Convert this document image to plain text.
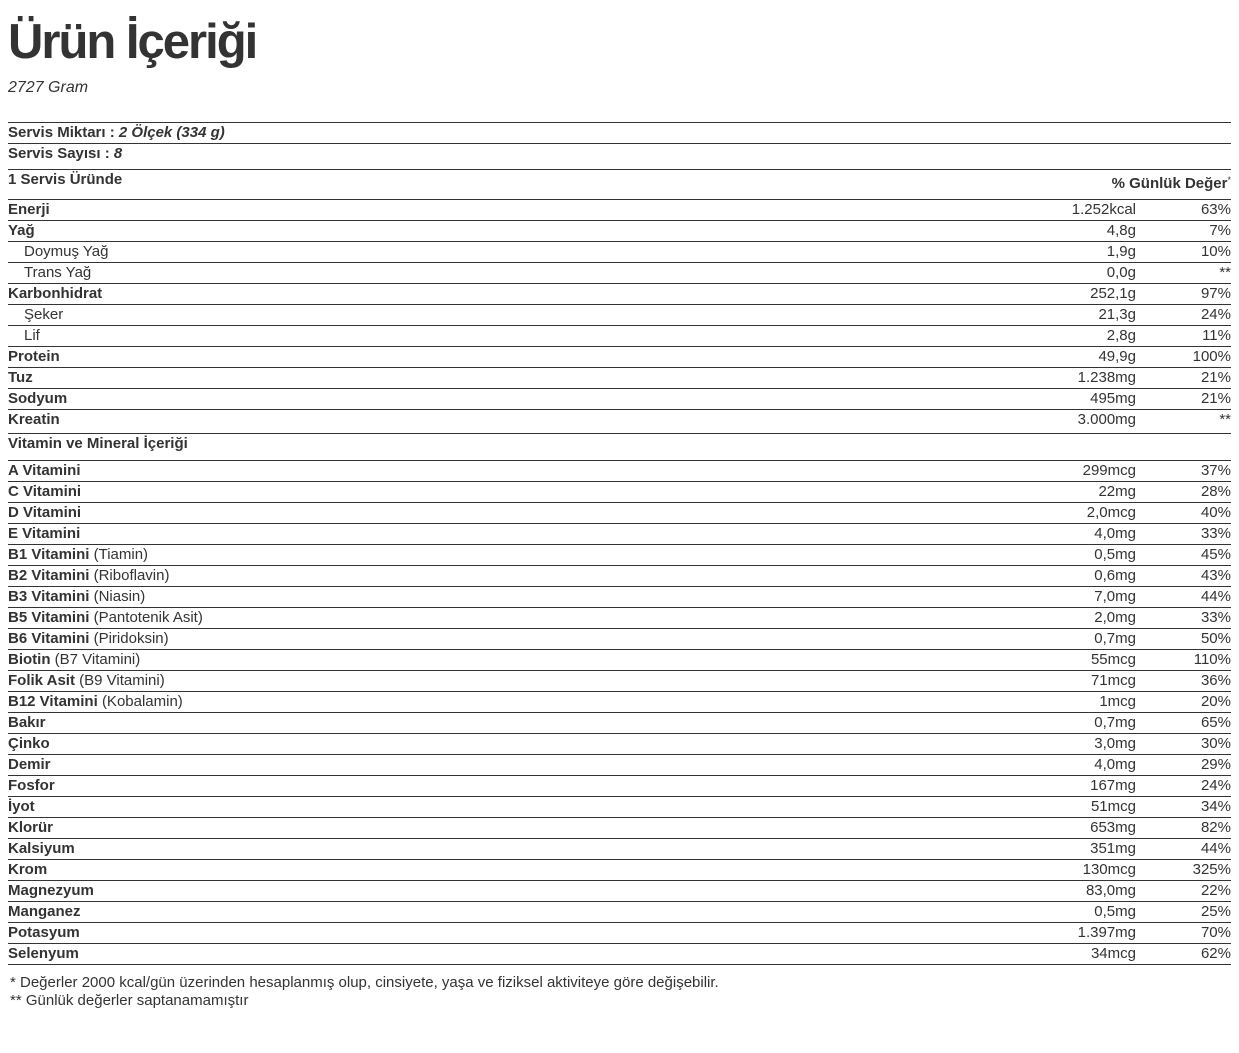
Ürün İçeriği

2727 Gram

Servis Miktarı : 2 Ölçek (334 g)
Servis Sayısı : 8
1 Servis Üründe	% Günlük Değer*
Enerji	1.252kcal	63%
Yağ	4,8g	7%
Doymuş Yağ	1,9g	10%
Trans Yağ	0,0g	**
Karbonhidrat	252,1g	97%
Şeker	21,3g	24%
Lif	2,8g	11%
Protein	49,9g	100%
Tuz	1.238mg	21%
Sodyum	495mg	21%
Kreatin	3.000mg	**
Vitamin ve Mineral İçeriği
A Vitamini	299mcg	37%
C Vitamini	22mg	28%
D Vitamini	2,0mcg	40%
E Vitamini	4,0mg	33%
B1 Vitamini (Tiamin)	0,5mg	45%
B2 Vitamini (Riboflavin)	0,6mg	43%
B3 Vitamini (Niasin)	7,0mg	44%
B5 Vitamini (Pantotenik Asit)	2,0mg	33%
B6 Vitamini (Piridoksin)	0,7mg	50%
Biotin (B7 Vitamini)	55mcg	110%
Folik Asit (B9 Vitamini)	71mcg	36%
B12 Vitamini (Kobalamin)	1mcg	20%
Bakır	0,7mg	65%
Çinko	3,0mg	30%
Demir	4,0mg	29%
Fosfor	167mg	24%
İyot	51mcg	34%
Klorür	653mg	82%
Kalsiyum	351mg	44%
Krom	130mcg	325%
Magnezyum	83,0mg	22%
Manganez	0,5mg	25%
Potasyum	1.397mg	70%
Selenyum	34mcg	62%
* Değerler 2000 kcal/gün üzerinden hesaplanmış olup, cinsiyete, yaşa ve fiziksel aktiviteye göre değişebilir.
** Günlük değerler saptanamamıştır
